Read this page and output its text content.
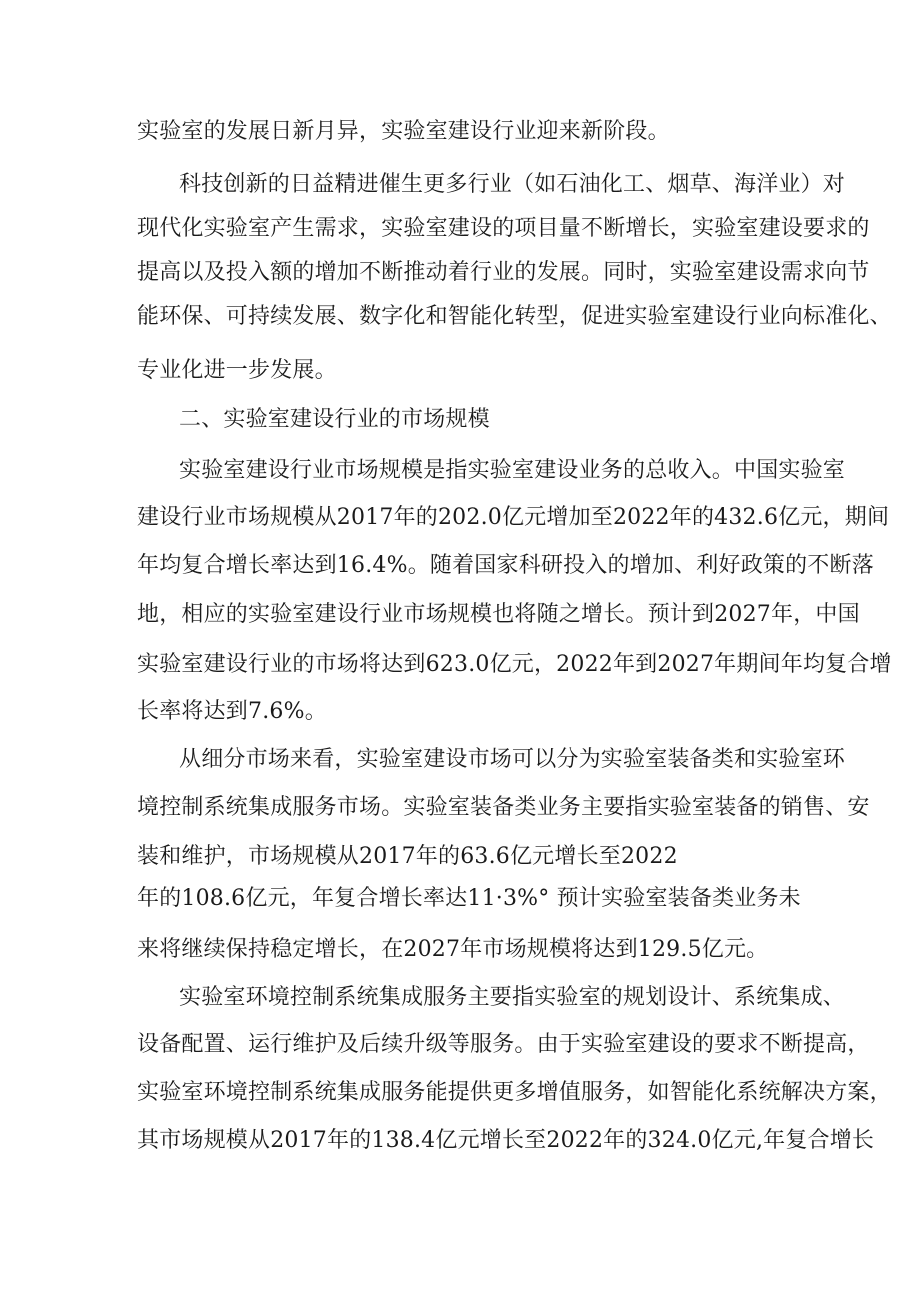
实验室的发展日新月异，实验室建设行业迎来新阶段。
科技创新的日益精进催生更多行业（如石油化工、烟草、海洋业）对
现代化实验室产生需求，实验室建设的项目量不断增长，实验室建设要求的
提高以及投入额的增加不断推动着行业的发展。同时，实验室建设需求向节
能环保、可持续发展、数字化和智能化转型，促进实验室建设行业向标准化、
专业化进一步发展。
二、实验室建设行业的市场规模
实验室建设行业市场规模是指实验室建设业务的总收入。中国实验室
建设行业市场规模从2017年的202.0亿元增加至2022年的432.6亿元，期间
年均复合增长率达到16.4%。随着国家科研投入的增加、利好政策的不断落
地，相应的实验室建设行业市场规模也将随之增长。预计到2027年，中国
实验室建设行业的市场将达到623.0亿元，2022年到2027年期间年均复合增
长率将达到7.6%。
从细分市场来看，实验室建设市场可以分为实验室装备类和实验室环
境控制系统集成服务市场。实验室装备类业务主要指实验室装备的销售、安
装和维护，市场规模从2017年的63.6亿元增长至2022
年的108.6亿元，年复合增长率达11·3%° 预计实验室装备类业务未
来将继续保持稳定增长，在2027年市场规模将达到129.5亿元。
实验室环境控制系统集成服务主要指实验室的规划设计、系统集成、
设备配置、运行维护及后续升级等服务。由于实验室建设的要求不断提高，
实验室环境控制系统集成服务能提供更多增值服务，如智能化系统解决方案，
其市场规模从2017年的138.4亿元增长至2022年的324.0亿元,年复合增长
